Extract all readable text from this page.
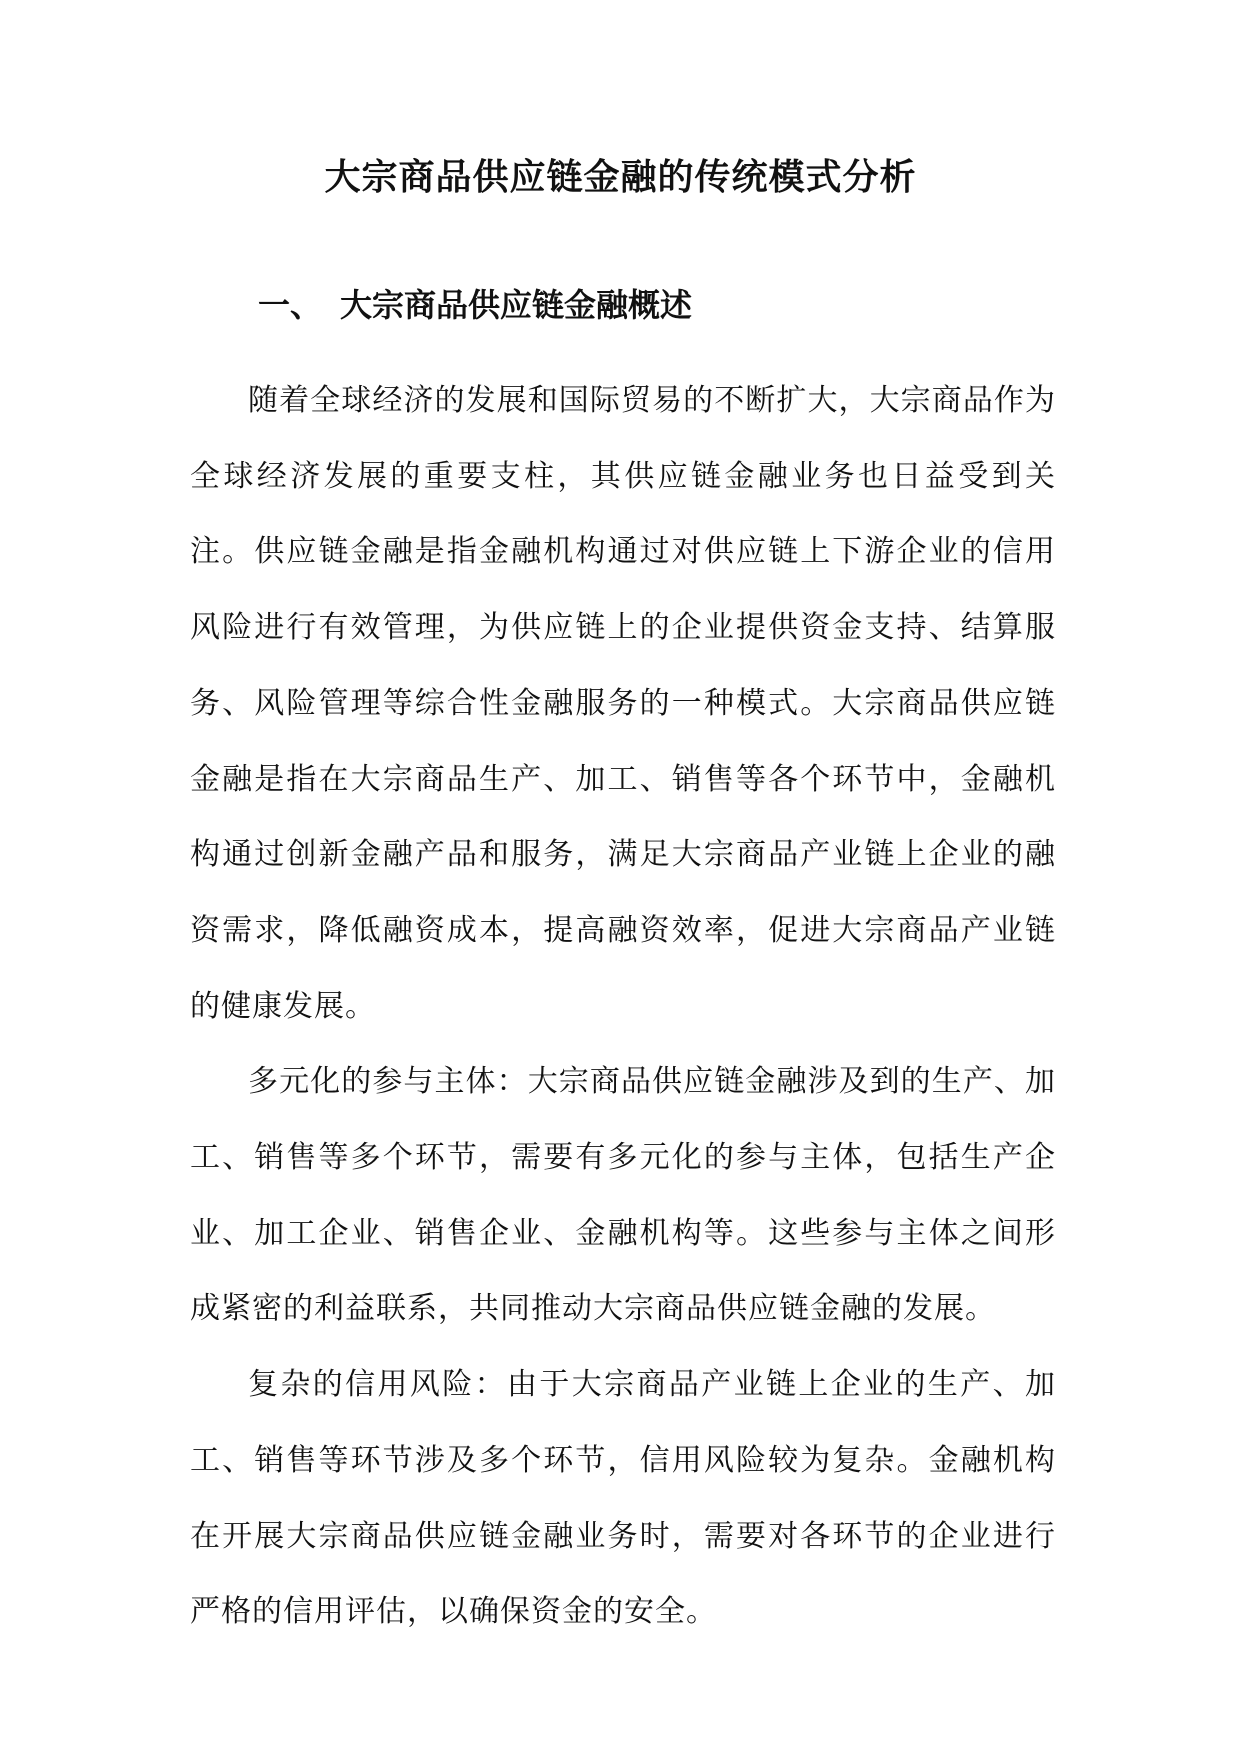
大宗商品供应链金融的传统模式分析
一、 大宗商品供应链金融概述

随着全球经济的发展和国际贸易的不断扩大，大宗商品作为全球经济发展的重要支柱，其供应链金融业务也日益受到关注。供应链金融是指金融机构通过对供应链上下游企业的信用风险进行有效管理，为供应链上的企业提供资金支持、结算服务、风险管理等综合性金融服务的一种模式。大宗商品供应链金融是指在大宗商品生产、加工、销售等各个环节中，金融机构通过创新金融产品和服务，满足大宗商品产业链上企业的融资需求，降低融资成本，提高融资效率，促进大宗商品产业链的健康发展。

多元化的参与主体：大宗商品供应链金融涉及到的生产、加工、销售等多个环节，需要有多元化的参与主体，包括生产企业、加工企业、销售企业、金融机构等。这些参与主体之间形成紧密的利益联系，共同推动大宗商品供应链金融的发展。

复杂的信用风险：由于大宗商品产业链上企业的生产、加工、销售等环节涉及多个环节，信用风险较为复杂。金融机构在开展大宗商品供应链金融业务时，需要对各环节的企业进行严格的信用评估，以确保资金的安全。
